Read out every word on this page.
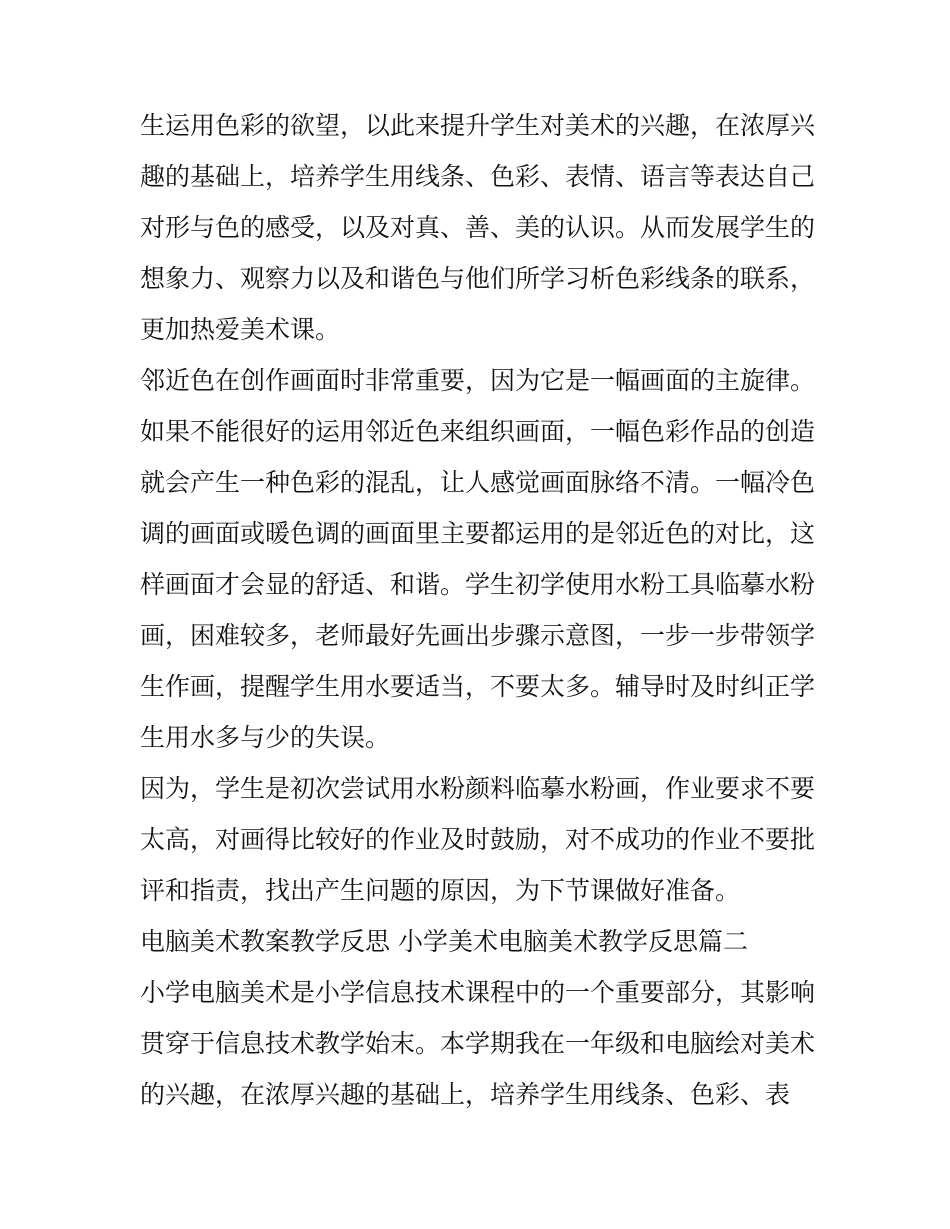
生运用色彩的欲望，以此来提升学生对美术的兴趣，在浓厚兴
趣的基础上，培养学生用线条、色彩、表情、语言等表达自己
对形与色的感受，以及对真、善、美的认识。从而发展学生的
想象力、观察力以及和谐色与他们所学习析色彩线条的联系，
更加热爱美术课。
邻近色在创作画面时非常重要，因为它是一幅画面的主旋律。
如果不能很好的运用邻近色来组织画面，一幅色彩作品的创造
就会产生一种色彩的混乱，让人感觉画面脉络不清。一幅冷色
调的画面或暖色调的画面里主要都运用的是邻近色的对比，这
样画面才会显的舒适、和谐。学生初学使用水粉工具临摹水粉
画，困难较多，老师最好先画出步骤示意图，一步一步带领学
生作画，提醒学生用水要适当，不要太多。辅导时及时纠正学
生用水多与少的失误。
因为，学生是初次尝试用水粉颜料临摹水粉画，作业要求不要
太高，对画得比较好的作业及时鼓励，对不成功的作业不要批
评和指责，找出产生问题的原因，为下节课做好准备。
电脑美术教案教学反思 小学美术电脑美术教学反思篇二
小学电脑美术是小学信息技术课程中的一个重要部分，其影响
贯穿于信息技术教学始末。本学期我在一年级和电脑绘对美术
的兴趣，在浓厚兴趣的基础上，培养学生用线条、色彩、表
